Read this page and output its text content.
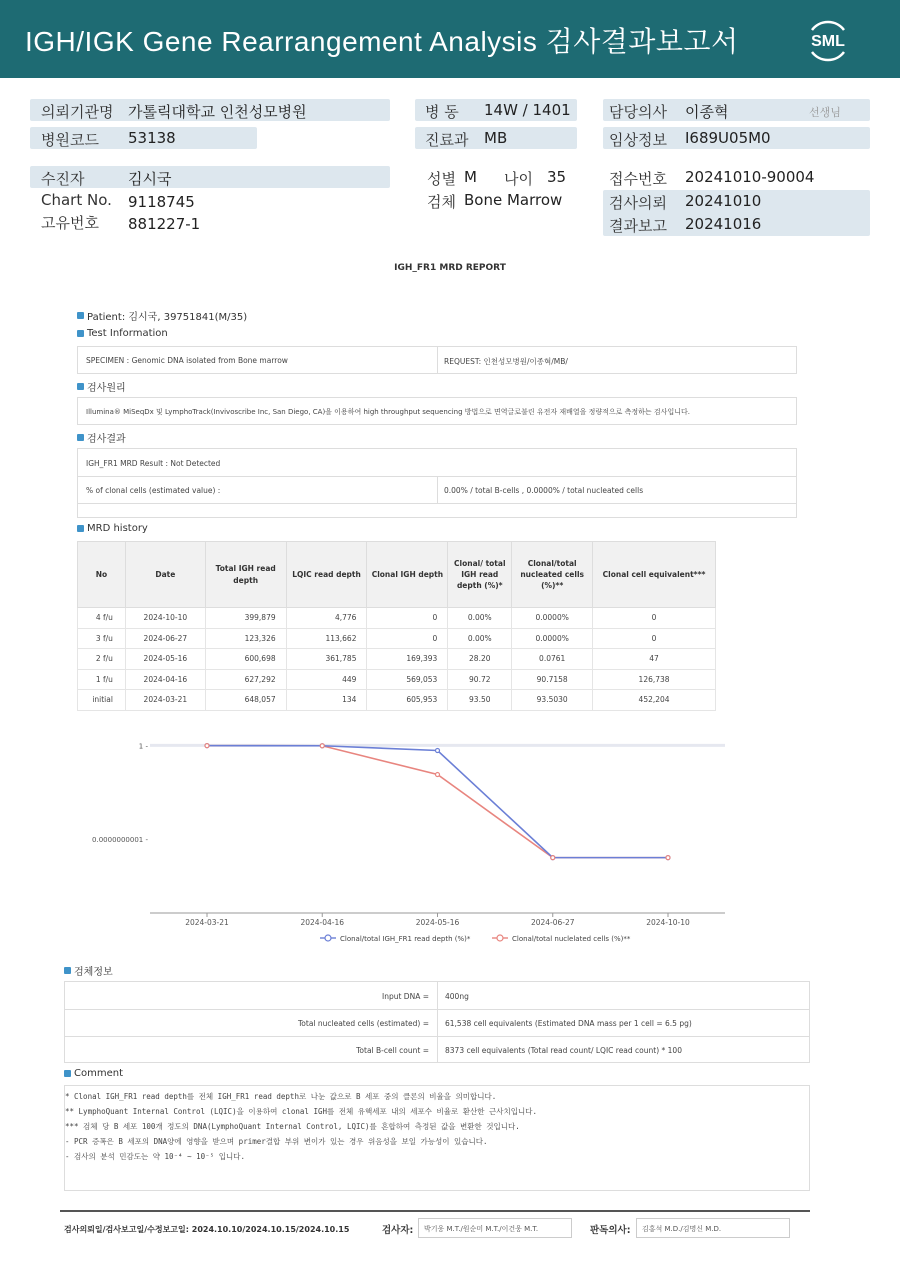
IGH/IGK Gene Rearrangement Analysis 검사결과보고서	SML
의뢰기관명 가톨릭대학교 인천성모병원
병원코드 53138
병 동 14W / 1401
진료과 MB
담당의사 이종혁	선생님
임상정보 I689U05M0
수진자	김시국
Chart No. 9118745
고유번호 881227-1
성별 M 나이 35
검체 Bone Marrow
접수번호 20241010-90004
검사의뢰 20241010
결과보고 20241016
IGH_FR1 MRD REPORT
Patient: 김시국, 39751841(M/35)
Test Information
SPECIMEN : Genomic DNA isolated from Bone marrow	REQUEST: 인천성모병원/이종혁/MB/
검사원리
Illumina® MiSeqDx 및 LymphoTrack(Invivoscribe Inc, San Diego, CA)을 이용하여 high throughput sequencing 방법으로 면역글로불린 유전자 재배열을 정량적으로 측정하는 검사입니다.
검사결과
IGH_FR1 MRD Result : Not Detected
% of clonal cells (estimated value) :	0.00% / total B-cells , 0.0000% / total nucleated cells
MRD history
No	Date	Total IGH read depth	LQIC read depth	Clonal IGH depth	Clonal/ total IGH read depth (%)*	Clonal/total nucleated cells (%)**	Clonal cell equivalent***
4 f/u	2024-10-10	399,879	4,776	0	0.00%	0.0000%	0
3 f/u	2024-06-27	123,326	113,662	0	0.00%	0.0000%	0
2 f/u	2024-05-16	600,698	361,785	169,393	28.20	0.0761	47
1 f/u	2024-04-16	627,292	449	569,053	90.72	90.7158	126,738
initial	2024-03-21	648,057	134	605,953	93.50	93.5030	452,204
1 -
0.0000000001 -
2024-03-21	2024-04-16	2024-05-16	2024-06-27	2024-10-10
Clonal/total IGH_FR1 read depth (%)*	Clonal/total nuclelated cells (%)**
검체정보
Input DNA = 400ng
Total nucleated cells (estimated) = 61,538 cell equivalents (Estimated DNA mass per 1 cell = 6.5 pg)
Total B-cell count = 8373 cell equivalents (Total read count/ LQIC read count) * 100
Comment
* Clonal IGH_FR1 read depth를 전체 IGH_FR1 read depth로 나눈 값으로 B 세포 중의 클론의 비율을 의미합니다.
** LymphoQuant Internal Control (LQIC)을 이용하여 clonal IGH를 전체 유핵세포 내의 세포수 비율로 환산한 근사치입니다.
*** 검체 당 B 세포 100개 정도의 DNA(LymphoQuant Internal Control, LQIC)를 혼합하여 측정된 값을 변환한 것입니다.
- PCR 증폭은 B 세포의 DNA양에 영향을 받으며 primer결합 부위 변이가 있는 경우 위음성을 보일 가능성이 있습니다.
- 검사의 분석 민감도는 약 10⁻⁴ ~ 10⁻⁵ 입니다.
검사의뢰일/검사보고일/수정보고일: 2024.10.10/2024.10.15/2024.10.15	검사자:	박기웅 M.T./원순미 M.T./이건웅 M.T.	판독의사:	김홍석 M.D./김명신 M.D.
